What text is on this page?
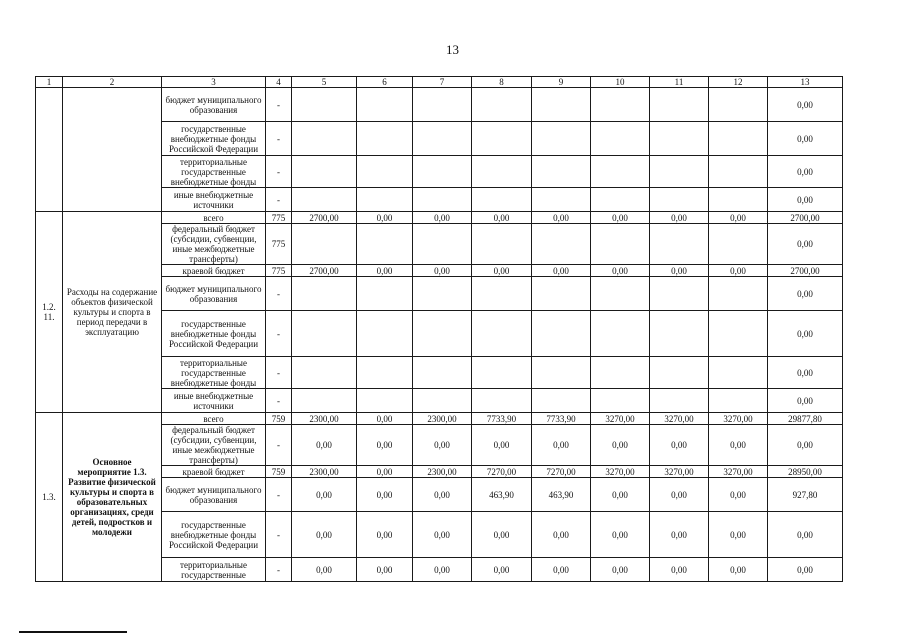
13
1	2	3	4	5	6	7	8	9	10	11	12	13
		бюджет муниципального образования	-									0,00
		государственные внебюджетные фонды Российской Федерации	-									0,00
		территориальные государственные внебюджетные фонды	-									0,00
		иные внебюджетные источники	-									0,00
1.2. 11.	Расходы на содержание объектов физической культуры и спорта в период передачи в эксплуатацию	всего	775	2700,00	0,00	0,00	0,00	0,00	0,00	0,00	0,00	2700,00
		федеральный бюджет (субсидии, субвенции, иные межбюджетные трансферты)	775									0,00
		краевой бюджет	775	2700,00	0,00	0,00	0,00	0,00	0,00	0,00	0,00	2700,00
		бюджет муниципального образования	-									0,00
		государственные внебюджетные фонды Российской Федерации	-									0,00
		территориальные государственные внебюджетные фонды	-									0,00
		иные внебюджетные источники	-									0,00
1.3.	Основное мероприятие 1.3. Развитие физической культуры и спорта в образовательных организациях, среди детей, подростков и молодежи	всего	759	2300,00	0,00	2300,00	7733,90	7733,90	3270,00	3270,00	3270,00	29877,80
		федеральный бюджет (субсидии, субвенции, иные межбюджетные трансферты)	-	0,00	0,00	0,00	0,00	0,00	0,00	0,00	0,00	0,00
		краевой бюджет	759	2300,00	0,00	2300,00	7270,00	7270,00	3270,00	3270,00	3270,00	28950,00
		бюджет муниципального образования	-	0,00	0,00	0,00	463,90	463,90	0,00	0,00	0,00	927,80
		государственные внебюджетные фонды Российской Федерации	-	0,00	0,00	0,00	0,00	0,00	0,00	0,00	0,00	0,00
		территориальные государственные	-	0,00	0,00	0,00	0,00	0,00	0,00	0,00	0,00	0,00
